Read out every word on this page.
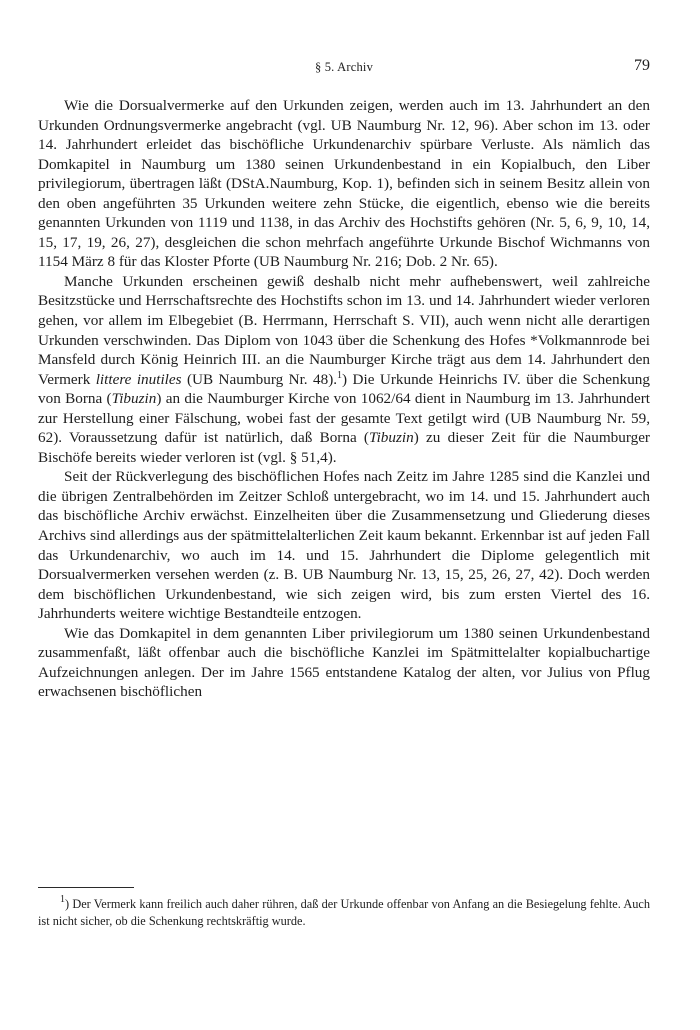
§ 5. Archiv	79

Wie die Dorsualvermerke auf den Urkunden zeigen, werden auch im 13. Jahrhundert an den Urkunden Ordnungsvermerke angebracht (vgl. UB Naumburg Nr. 12, 96). Aber schon im 13. oder 14. Jahrhundert erleidet das bischöfliche Urkundenarchiv spürbare Verluste. Als nämlich das Domkapitel in Naumburg um 1380 seinen Urkundenbestand in ein Kopialbuch, den Liber privilegiorum, übertragen läßt (DStA.Naumburg, Kop. 1), befinden sich in seinem Besitz allein von den oben angeführten 35 Urkunden weitere zehn Stücke, die eigentlich, ebenso wie die bereits genannten Urkunden von 1119 und 1138, in das Archiv des Hochstifts gehören (Nr. 5, 6, 9, 10, 14, 15, 17, 19, 26, 27), desgleichen die schon mehrfach angeführte Urkunde Bischof Wichmanns von 1154 März 8 für das Kloster Pforte (UB Naumburg Nr. 216; Dob. 2 Nr. 65).

Manche Urkunden erscheinen gewiß deshalb nicht mehr aufhebenswert, weil zahlreiche Besitzstücke und Herrschaftsrechte des Hochstifts schon im 13. und 14. Jahrhundert wieder verloren gehen, vor allem im Elbegebiet (B. Herrmann, Herrschaft S. VII), auch wenn nicht alle derartigen Urkunden verschwinden. Das Diplom von 1043 über die Schenkung des Hofes *Volkmannrode bei Mansfeld durch König Heinrich III. an die Naumburger Kirche trägt aus dem 14. Jahrhundert den Vermerk littere inutiles (UB Naumburg Nr. 48).$^1$) Die Urkunde Heinrichs IV. über die Schenkung von Borna (Tibuzin) an die Naumburger Kirche von 1062/64 dient in Naumburg im 13. Jahrhundert zur Herstellung einer Fälschung, wobei fast der gesamte Text getilgt wird (UB Naumburg Nr. 59, 62). Voraussetzung dafür ist natürlich, daß Borna (Tibuzin) zu dieser Zeit für die Naumburger Bischöfe bereits wieder verloren ist (vgl. § 51,4).

Seit der Rückverlegung des bischöflichen Hofes nach Zeitz im Jahre 1285 sind die Kanzlei und die übrigen Zentralbehörden im Zeitzer Schloß untergebracht, wo im 14. und 15. Jahrhundert auch das bischöfliche Archiv erwächst. Einzelheiten über die Zusammensetzung und Gliederung dieses Archivs sind allerdings aus der spätmittelalterlichen Zeit kaum bekannt. Erkennbar ist auf jeden Fall das Urkundenarchiv, wo auch im 14. und 15. Jahrhundert die Diplome gelegentlich mit Dorsualvermerken versehen werden (z. B. UB Naumburg Nr. 13, 15, 25, 26, 27, 42). Doch werden dem bischöflichen Urkundenbestand, wie sich zeigen wird, bis zum ersten Viertel des 16. Jahrhunderts weitere wichtige Bestandteile entzogen.

Wie das Domkapitel in dem genannten Liber privilegiorum um 1380 seinen Urkundenbestand zusammenfaßt, läßt offenbar auch die bischöfliche Kanzlei im Spätmittelalter kopialbuchartige Aufzeichnungen anlegen. Der im Jahre 1565 entstandene Katalog der alten, vor Julius von Pflug erwachsenen bischöflichen

$^1$) Der Vermerk kann freilich auch daher rühren, daß der Urkunde offenbar von Anfang an die Besiegelung fehlte. Auch ist nicht sicher, ob die Schenkung rechtskräftig wurde.
